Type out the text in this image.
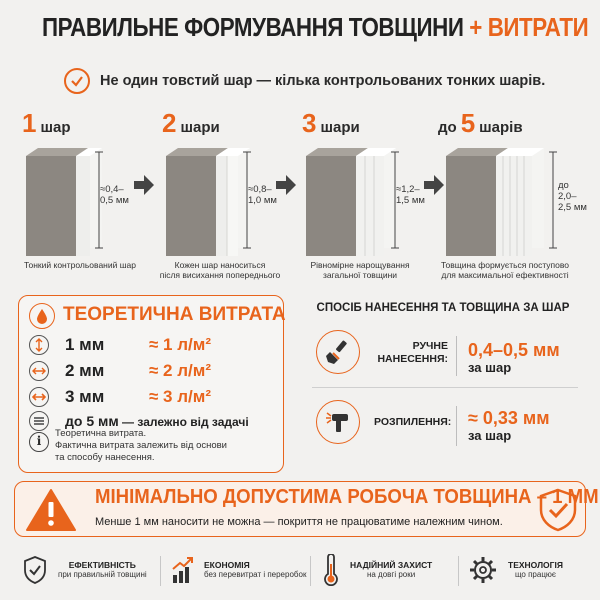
ПРАВИЛЬНЕ ФОРМУВАННЯ ТОВЩИНИ + ВИТРАТИ
Не один товстий шар — кілька контрольованих тонких шарів.
1 шар
Тонкий контрольований шар
2 шари
Кожен шар наноситься
після висихання попереднього
3 шари
Рівномірне нарощування
загальної товщини
до 5 шарів
Товщина формується поступово
для максимальної ефективності
≈0,4–
0,5 мм
≈0,8–
1,0 мм
≈1,2–
1,5 мм
до
2,0–
2,5 мм
ТЕОРЕТИЧНА ВИТРАТА
1 мм	≈ 1 л/м²
2 мм	≈ 2 л/м²
3 мм	≈ 3 л/м²
до 5 мм — залежно від задачі
i
Теоретична витрата.
Фактична витрата залежить від основи
та способу нанесення.
СПОСІБ НАНЕСЕННЯ ТА ТОВЩИНА ЗА ШАР
РУЧНЕ
НАНЕСЕННЯ: 0,4–0,5 мм
за шар
РОЗПИЛЕННЯ: ≈ 0,33 мм
за шар
МІНІМАЛЬНО ДОПУСТИМА РОБОЧА ТОВЩИНА – 1 ММ
Менше 1 мм наносити не можна — покриття не працюватиме належним чином.
ЕФЕКТИВНІСТЬ
при правильній товщині
ЕКОНОМІЯ
без перевитрат і переробок
НАДІЙНИЙ ЗАХИСТ
на довгі роки
ТЕХНОЛОГІЯ
що працює
